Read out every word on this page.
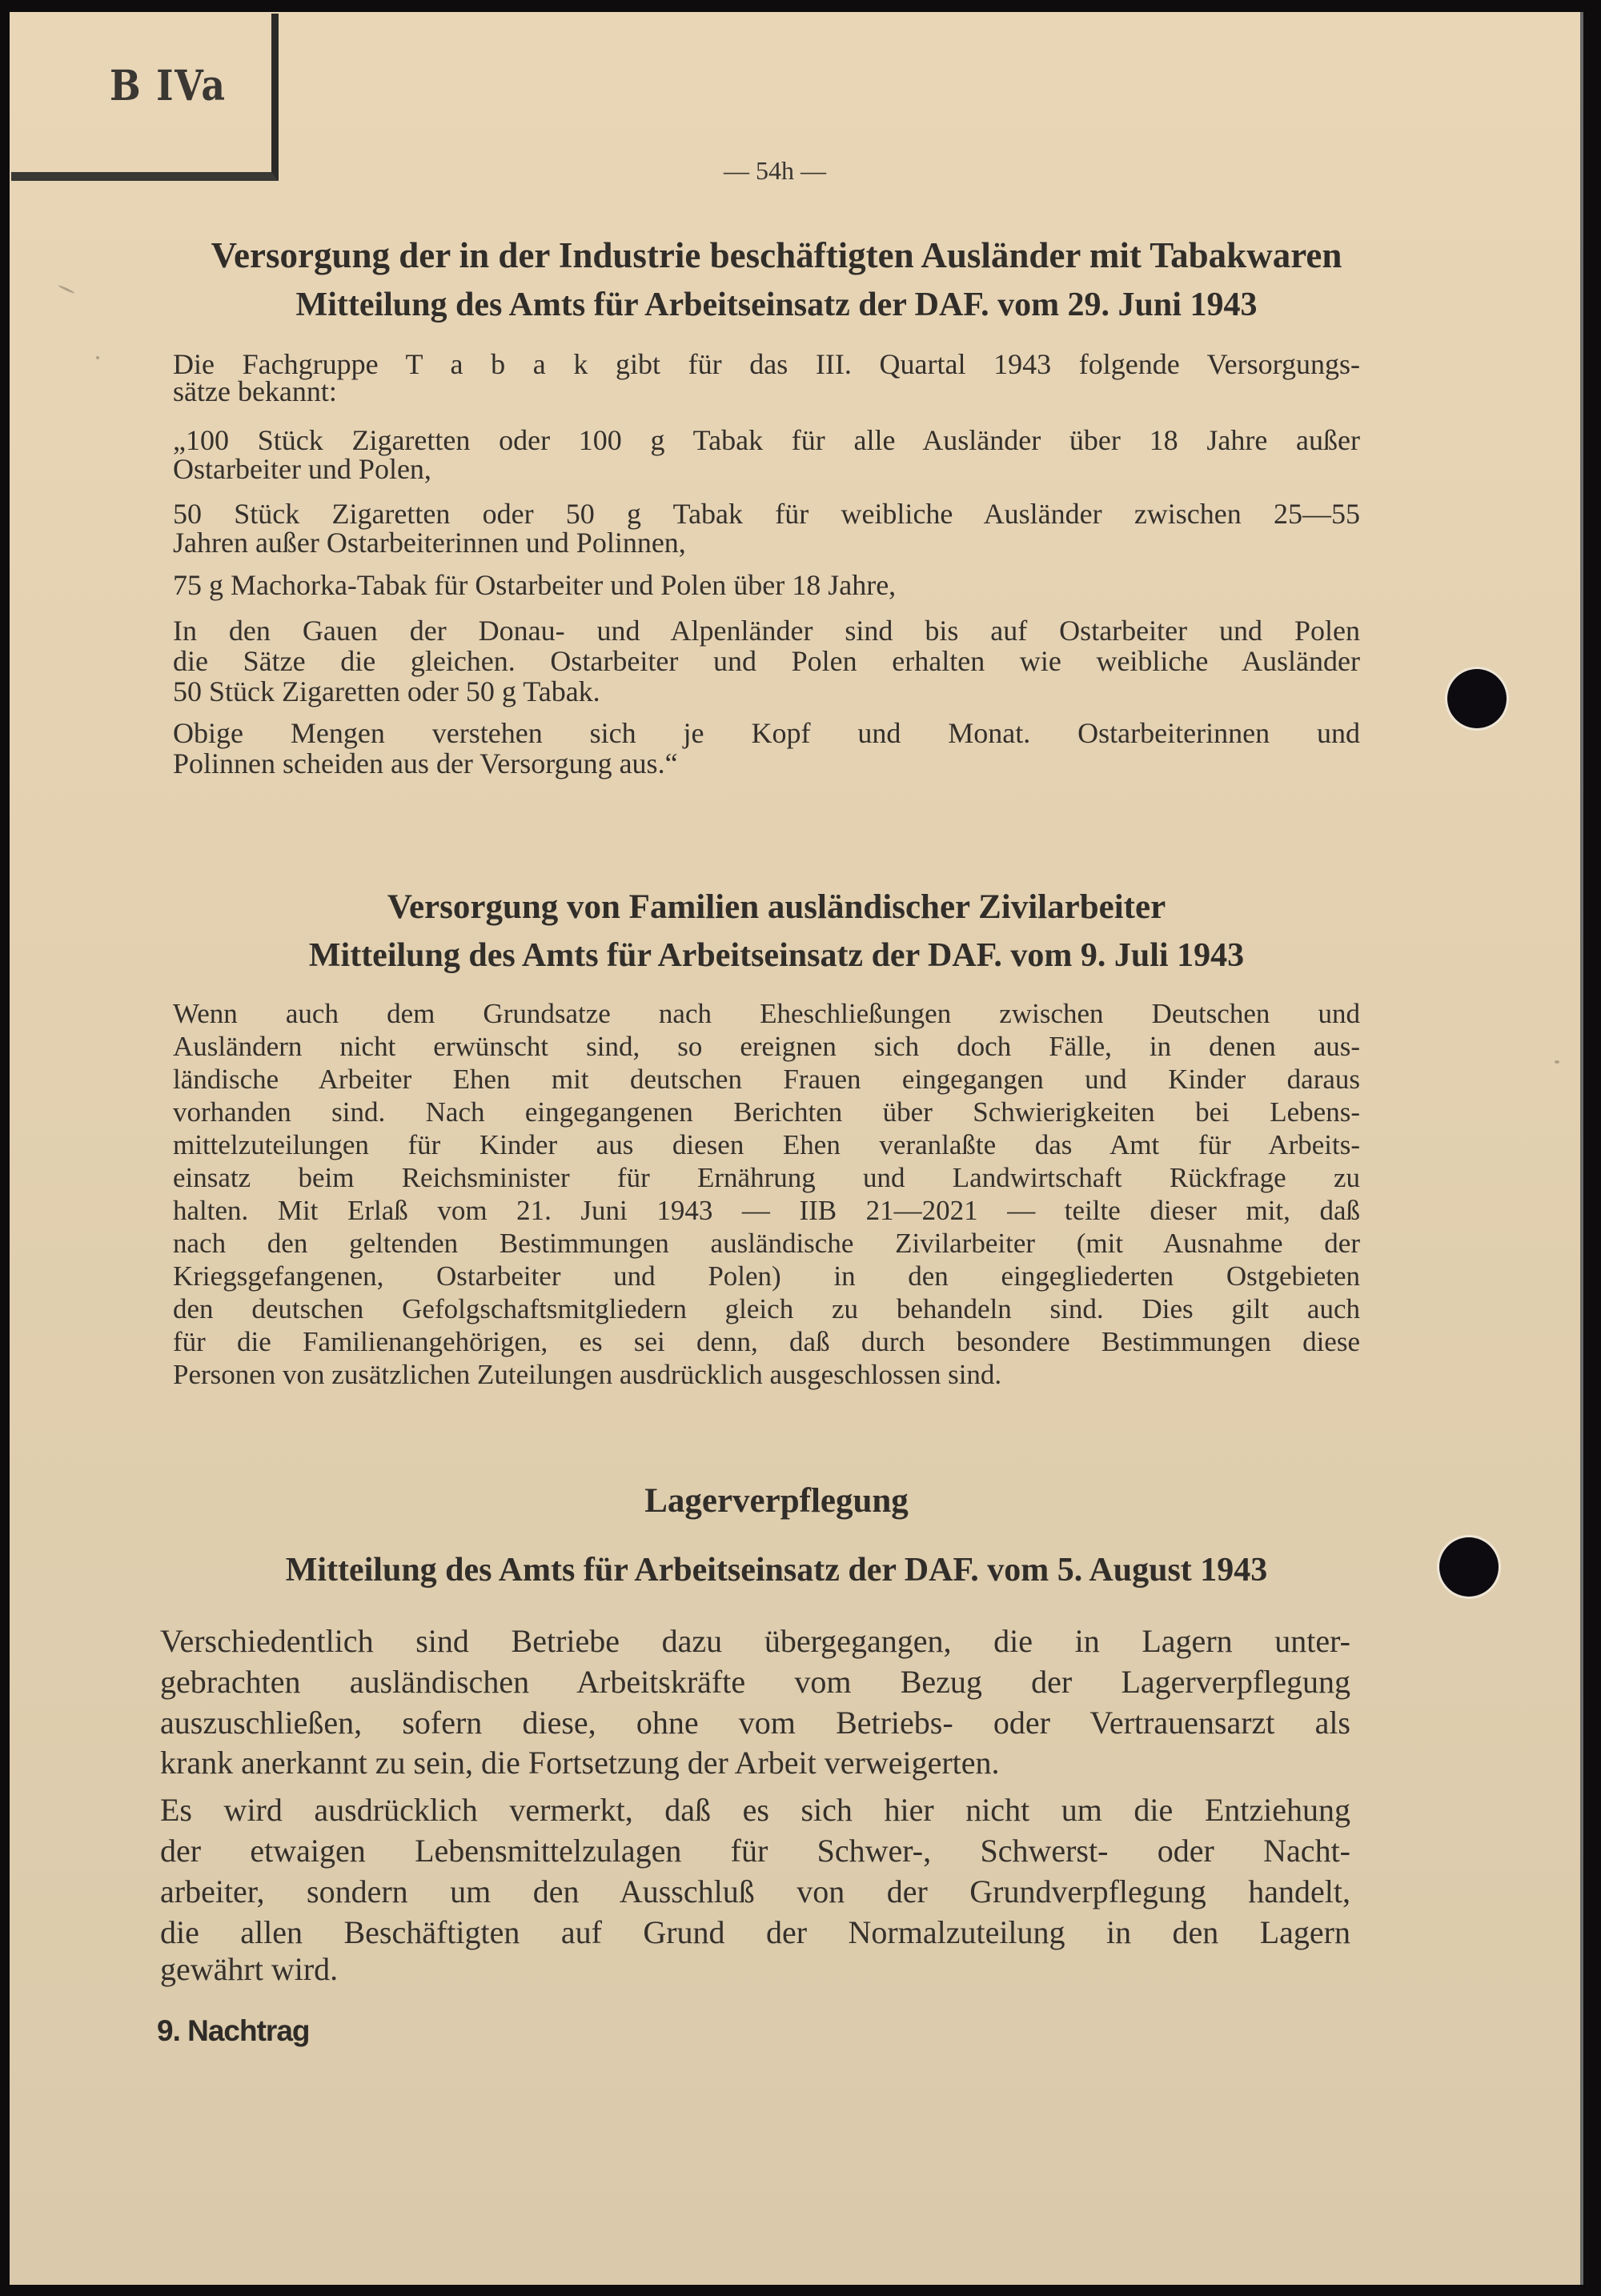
B IVa
— 54h —
Versorgung der in der Industrie beschäftigten Ausländer mit Tabakwaren
Mitteilung des Amts für Arbeitseinsatz der DAF. vom 29. Juni 1943
Die Fachgruppe T a b a k gibt für das III. Quartal 1943 folgende Versorgungs-
sätze bekannt:
„100 Stück Zigaretten oder 100 g Tabak für alle Ausländer über 18 Jahre außer
Ostarbeiter und Polen,
50 Stück Zigaretten oder 50 g Tabak für weibliche Ausländer zwischen 25—55
Jahren außer Ostarbeiterinnen und Polinnen,
75 g Machorka-Tabak für Ostarbeiter und Polen über 18 Jahre,
In den Gauen der Donau- und Alpenländer sind bis auf Ostarbeiter und Polen
die Sätze die gleichen. Ostarbeiter und Polen erhalten wie weibliche Ausländer
50 Stück Zigaretten oder 50 g Tabak.
Obige Mengen verstehen sich je Kopf und Monat. Ostarbeiterinnen und
Polinnen scheiden aus der Versorgung aus.“
Versorgung von Familien ausländischer Zivilarbeiter
Mitteilung des Amts für Arbeitseinsatz der DAF. vom 9. Juli 1943
Wenn auch dem Grundsatze nach Eheschließungen zwischen Deutschen und
Ausländern nicht erwünscht sind, so ereignen sich doch Fälle, in denen aus-
ländische Arbeiter Ehen mit deutschen Frauen eingegangen und Kinder daraus
vorhanden sind. Nach eingegangenen Berichten über Schwierigkeiten bei Lebens-
mittelzuteilungen für Kinder aus diesen Ehen veranlaßte das Amt für Arbeits-
einsatz beim Reichsminister für Ernährung und Landwirtschaft Rückfrage zu
halten. Mit Erlaß vom 21. Juni 1943 — IIB 21—2021 — teilte dieser mit, daß
nach den geltenden Bestimmungen ausländische Zivilarbeiter (mit Ausnahme der
Kriegsgefangenen, Ostarbeiter und Polen) in den eingegliederten Ostgebieten
den deutschen Gefolgschaftsmitgliedern gleich zu behandeln sind. Dies gilt auch
für die Familienangehörigen, es sei denn, daß durch besondere Bestimmungen diese
Personen von zusätzlichen Zuteilungen ausdrücklich ausgeschlossen sind.
Lagerverpflegung
Mitteilung des Amts für Arbeitseinsatz der DAF. vom 5. August 1943
Verschiedentlich sind Betriebe dazu übergegangen, die in Lagern unter-
gebrachten ausländischen Arbeitskräfte vom Bezug der Lagerverpflegung
auszuschließen, sofern diese, ohne vom Betriebs- oder Vertrauensarzt als
krank anerkannt zu sein, die Fortsetzung der Arbeit verweigerten.
Es wird ausdrücklich vermerkt, daß es sich hier nicht um die Entziehung
der etwaigen Lebensmittelzulagen für Schwer-, Schwerst- oder Nacht-
arbeiter, sondern um den Ausschluß von der Grundverpflegung handelt,
die allen Beschäftigten auf Grund der Normalzuteilung in den Lagern
gewährt wird.
9. Nachtrag
